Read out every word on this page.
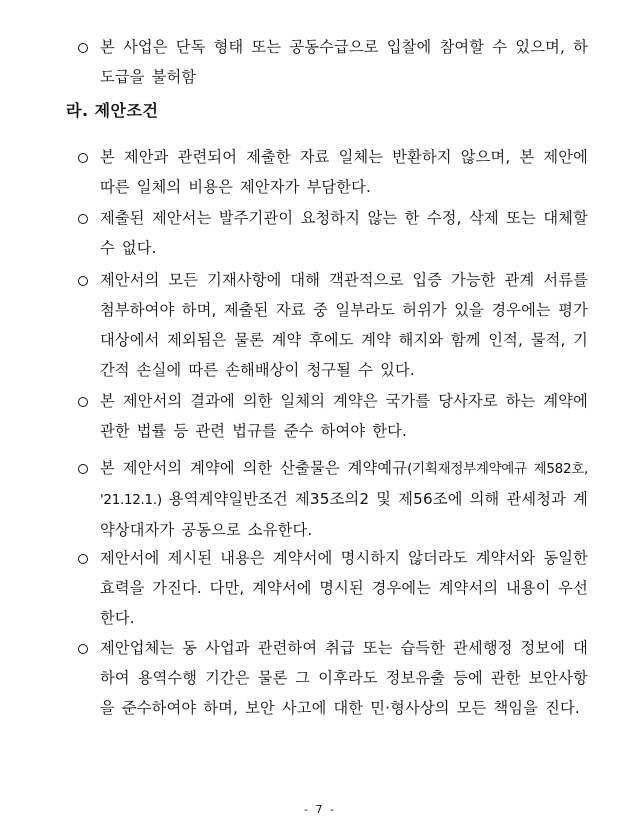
본 사업은 단독 형태 또는 공동수급으로 입찰에 참여할 수 있으며, 하도급을 불허함
라. 제안조건
본 제안과 관련되어 제출한 자료 일체는 반환하지 않으며, 본 제안에 따른 일체의 비용은 제안자가 부담한다.
제출된 제안서는 발주기관이 요청하지 않는 한 수정, 삭제 또는 대체할 수 없다.
제안서의 모든 기재사항에 대해 객관적으로 입증 가능한 관계 서류를 첨부하여야 하며, 제출된 자료 중 일부라도 허위가 있을 경우에는 평가대상에서 제외됨은 물론 계약 후에도 계약 해지와 함께 인적, 물적, 기간적 손실에 따른 손해배상이 청구될 수 있다.
본 제안서의 결과에 의한 일체의 계약은 국가를 당사자로 하는 계약에 관한 법률 등 관련 법규를 준수 하여야 한다.
본 제안서의 계약에 의한 산출물은 계약예규(기획재정부계약예규 제582호, '21.12.1.) 용역계약일반조건 제35조의2 및 제56조에 의해 관세청과 계약상대자가 공동으로 소유한다.
제안서에 제시된 내용은 계약서에 명시하지 않더라도 계약서와 동일한 효력을 가진다. 다만, 계약서에 명시된 경우에는 계약서의 내용이 우선한다.
제안업체는 동 사업과 관련하여 취급 또는 습득한 관세행정 정보에 대하여 용역수행 기간은 물론 그 이후라도 정보유출 등에 관한 보안사항을 준수하여야 하며, 보안 사고에 대한 민·형사상의 모든 책임을 진다.
- 7 -
